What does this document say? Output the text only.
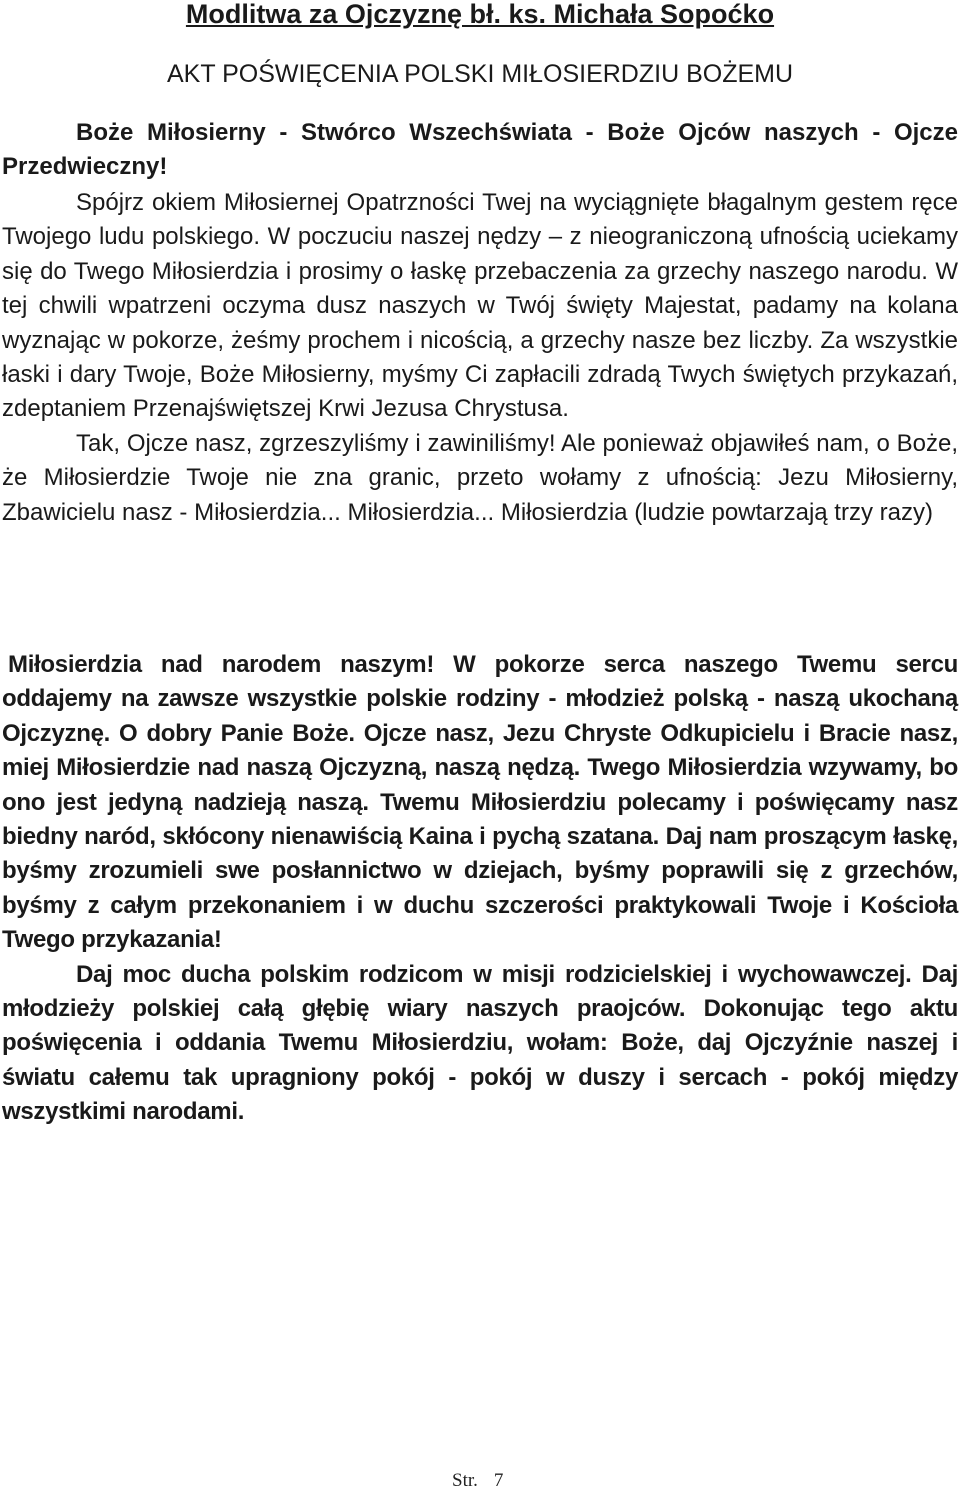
Modlitwa za Ojczyznę bł. ks. Michała Sopoćko
AKT POŚWIĘCENIA POLSKI MIŁOSIERDZIU BOŻEMU

Boże Miłosierny - Stwórco Wszechświata - Boże Ojców naszych - Ojcze Przedwieczny!

Spójrz okiem Miłosiernej Opatrzności Twej na wyciągnięte błagalnym gestem ręce Twojego ludu polskiego. W poczuciu naszej nędzy – z nieograniczoną ufnością uciekamy się do Twego Miłosierdzia i prosimy o łaskę przebaczenia za grzechy naszego narodu. W tej chwili wpatrzeni oczyma dusz naszych w Twój święty Majestat, padamy na kolana wyznając w pokorze, żeśmy prochem i nicością, a grzechy nasze bez liczby. Za wszystkie łaski i dary Twoje, Boże Miłosierny, myśmy Ci zapłacili zdradą Twych świętych przykazań, zdeptaniem Przenajświętszej Krwi Jezusa Chrystusa.

Tak, Ojcze nasz, zgrzeszyliśmy i zawiniliśmy! Ale ponieważ objawiłeś nam, o Boże, że Miłosierdzie Twoje nie zna granic, przeto wołamy z ufnością: Jezu Miłosierny, Zbawicielu nasz - Miłosierdzia... Miłosierdzia... Miłosierdzia (ludzie powtarzają trzy razy)

Miłosierdzia nad narodem naszym! W pokorze serca naszego Twemu sercu oddajemy na zawsze wszystkie polskie rodziny - młodzież polską - naszą ukochaną Ojczyznę. O dobry Panie Boże. Ojcze nasz, Jezu Chryste Odkupicielu i Bracie nasz, miej Miłosierdzie nad naszą Ojczyzną, naszą nędzą. Twego Miłosierdzia wzywamy, bo ono jest jedyną nadzieją naszą. Twemu Miłosierdziu polecamy i poświęcamy nasz biedny naród, skłócony nienawiścią Kaina i pychą szatana. Daj nam proszącym łaskę, byśmy zrozumieli swe posłannictwo w dziejach, byśmy poprawili się z grzechów, byśmy z całym przekonaniem i w duchu szczerości praktykowali Twoje i Kościoła Twego przykazania!

Daj moc ducha polskim rodzicom w misji rodzicielskiej i wychowawczej. Daj młodzieży polskiej całą głębię wiary naszych praojców. Dokonując tego aktu poświęcenia i oddania Twemu Miłosierdziu, wołam: Boże, daj Ojczyźnie naszej i światu całemu tak upragniony pokój - pokój w duszy i sercach - pokój między wszystkimi narodami.

Str. 7
